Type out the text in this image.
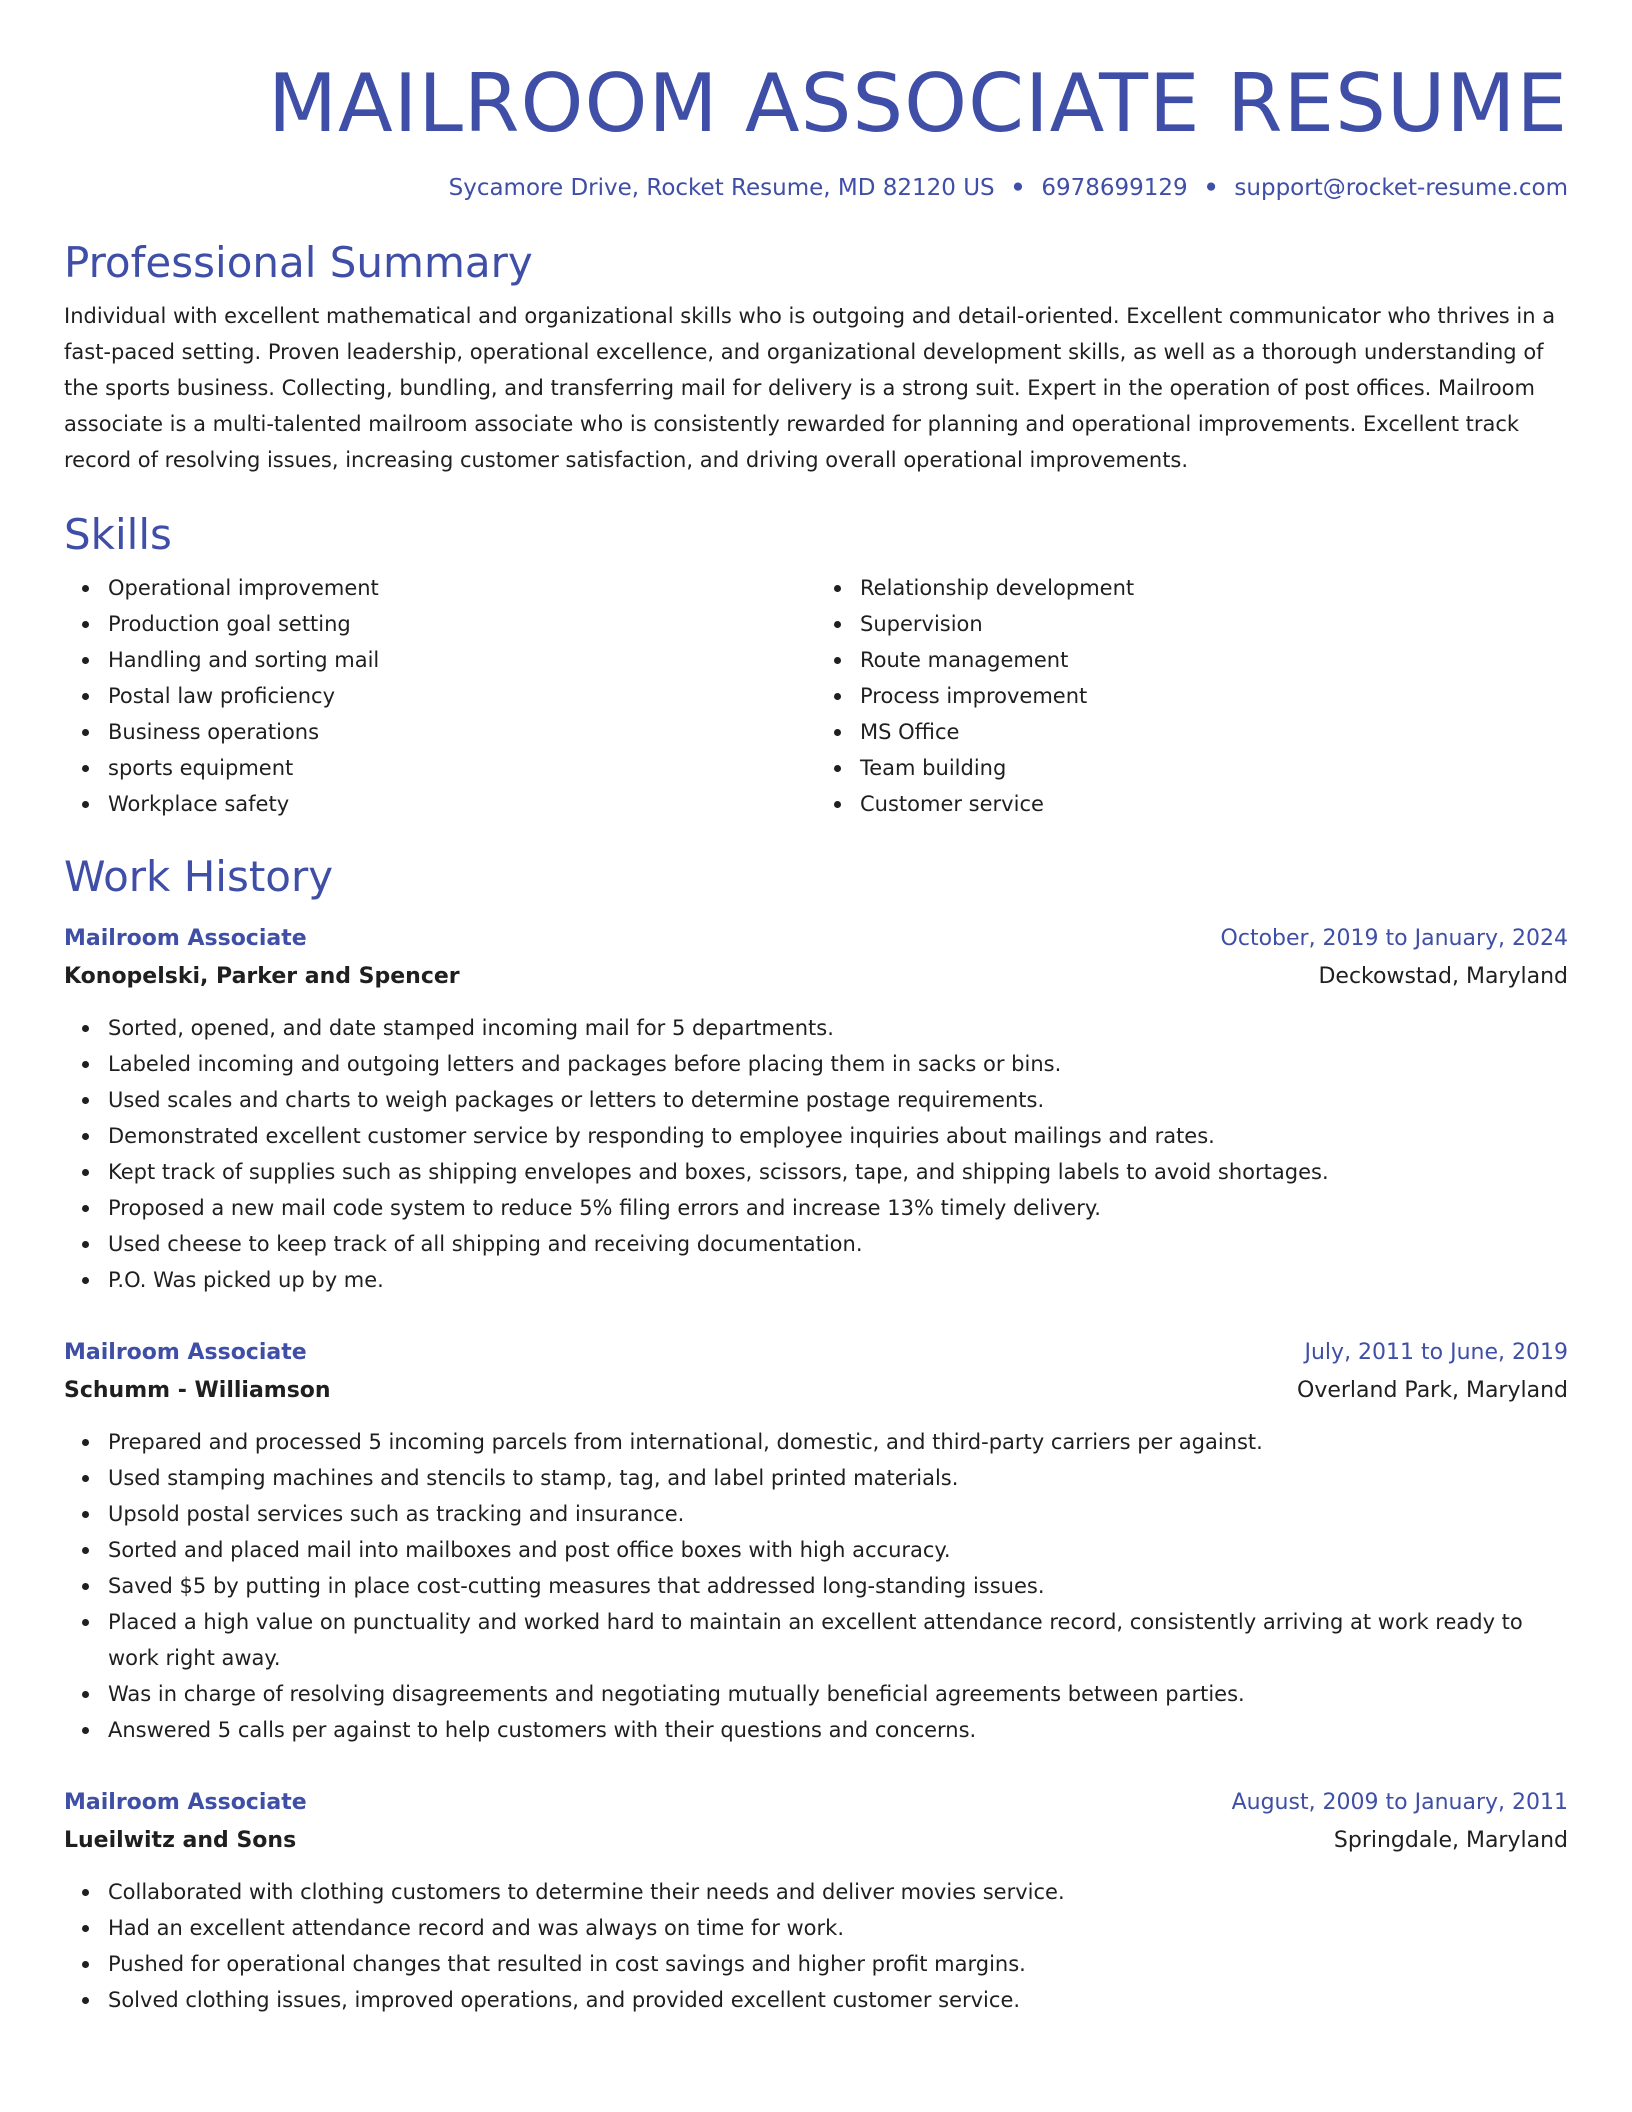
MAILROOM ASSOCIATE RESUME
Sycamore Drive, Rocket Resume, MD 82120 US • 6978699129 • support@rocket-resume.com
Professional Summary

Individual with excellent mathematical and organizational skills who is outgoing and detail-oriented. Excellent communicator who thrives in a fast-paced setting. Proven leadership, operational excellence, and organizational development skills, as well as a thorough understanding of the sports business. Collecting, bundling, and transferring mail for delivery is a strong suit. Expert in the operation of post offices. Mailroom associate is a multi-talented mailroom associate who is consistently rewarded for planning and operational improvements. Excellent track record of resolving issues, increasing customer satisfaction, and driving overall operational improvements.

Skills
Operational improvement
Production goal setting
Handling and sorting mail
Postal law proficiency
Business operations
sports equipment
Workplace safety
Relationship development
Supervision
Route management
Process improvement
MS Office
Team building
Customer service
Work History
Mailroom Associate	October, 2019 to January, 2024
Konopelski, Parker and Spencer	Deckowstad, Maryland
Sorted, opened, and date stamped incoming mail for 5 departments.
Labeled incoming and outgoing letters and packages before placing them in sacks or bins.
Used scales and charts to weigh packages or letters to determine postage requirements.
Demonstrated excellent customer service by responding to employee inquiries about mailings and rates.
Kept track of supplies such as shipping envelopes and boxes, scissors, tape, and shipping labels to avoid shortages.
Proposed a new mail code system to reduce 5% filing errors and increase 13% timely delivery.
Used cheese to keep track of all shipping and receiving documentation.
P.O. Was picked up by me.
Mailroom Associate	July, 2011 to June, 2019
Schumm - Williamson	Overland Park, Maryland
Prepared and processed 5 incoming parcels from international, domestic, and third-party carriers per against.
Used stamping machines and stencils to stamp, tag, and label printed materials.
Upsold postal services such as tracking and insurance.
Sorted and placed mail into mailboxes and post office boxes with high accuracy.
Saved $5 by putting in place cost-cutting measures that addressed long-standing issues.
Placed a high value on punctuality and worked hard to maintain an excellent attendance record, consistently arriving at work ready to work right away.
Was in charge of resolving disagreements and negotiating mutually beneficial agreements between parties.
Answered 5 calls per against to help customers with their questions and concerns.
Mailroom Associate	August, 2009 to January, 2011
Lueilwitz and Sons	Springdale, Maryland
Collaborated with clothing customers to determine their needs and deliver movies service.
Had an excellent attendance record and was always on time for work.
Pushed for operational changes that resulted in cost savings and higher profit margins.
Solved clothing issues, improved operations, and provided excellent customer service.
